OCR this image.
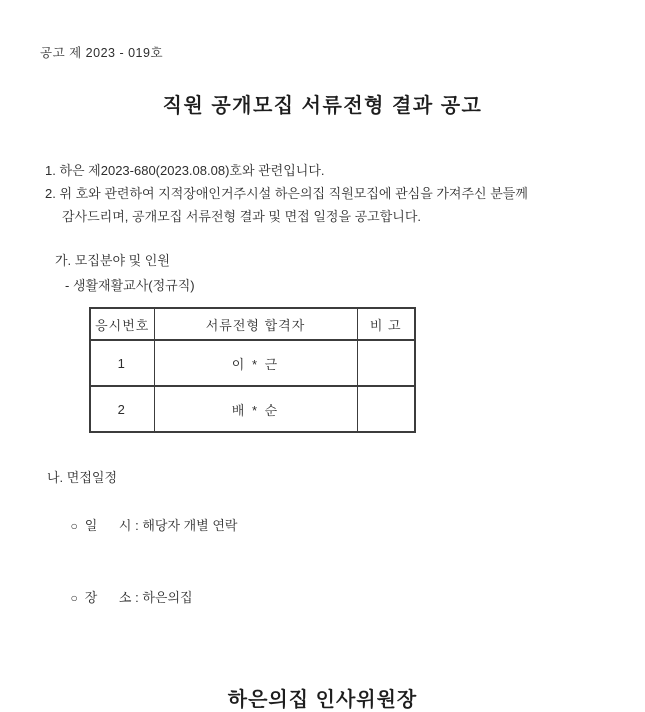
공고 제 2023 - 019호
직원 공개모집 서류전형 결과 공고

1. 하은 제2023-680(2023.08.08)호와 관련입니다.

2. 위 호와 관련하여 지적장애인거주시설 하은의집 직원모집에 관심을 가져주신 분들께

감사드리며, 공개모집 서류전형 결과 및 면접 일정을 공고합니다.

가. 모집분야 및 인원
- 생활재활교사(정규직)
응시번호	서류전형 합격자	비 고
1	이 * 근	
2	배 * 순	
나. 면접일정

○ 일      시 : 해당자 개별 연락

○ 장      소 : 하은의집

하은의집 인사위원장
